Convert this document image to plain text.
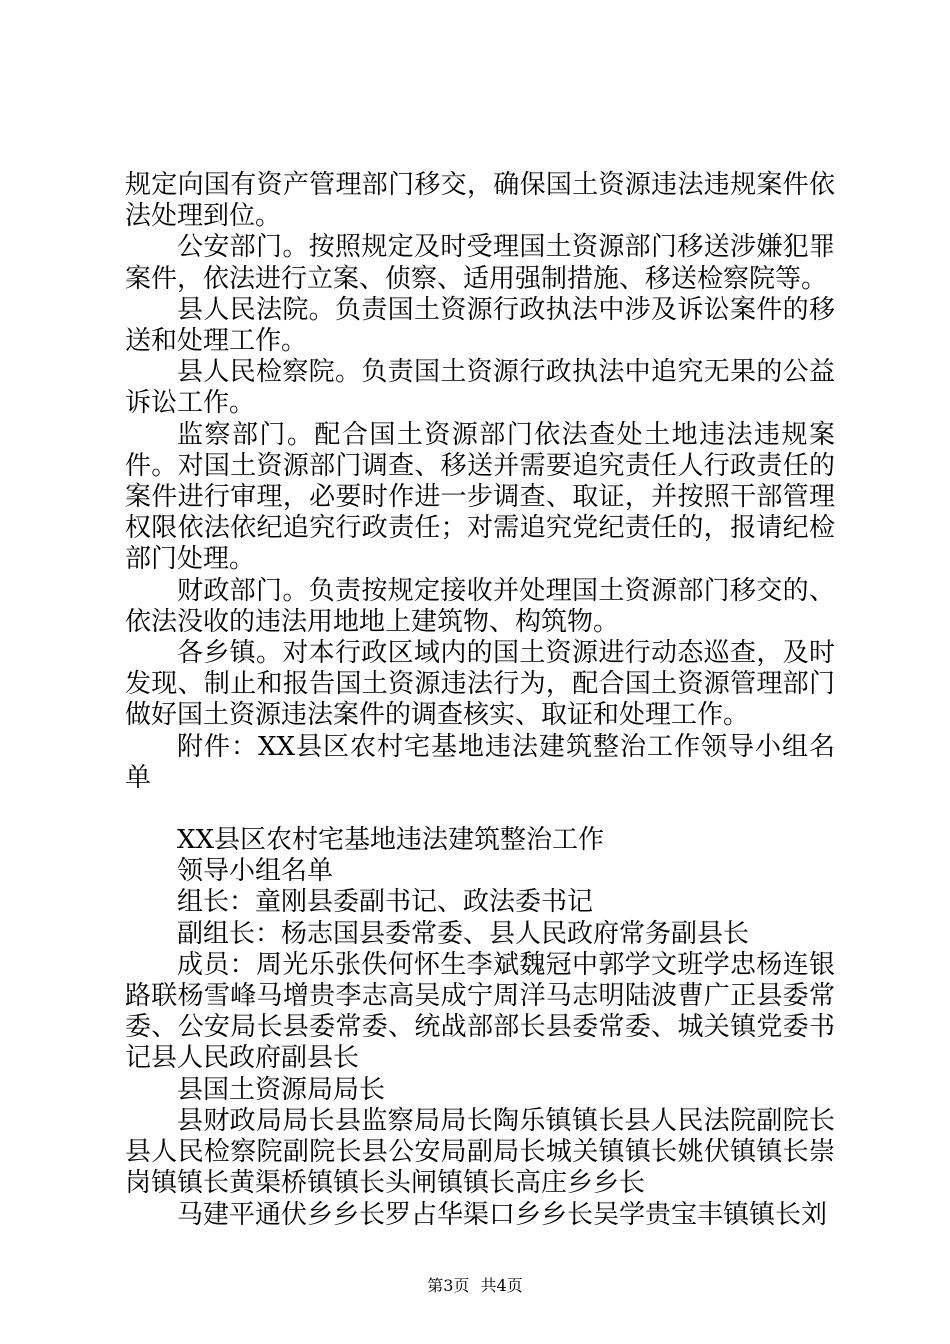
规定向国有资产管理部门移交，确保国土资源违法违规案件依法处理到位。

公安部门。按照规定及时受理国土资源部门移送涉嫌犯罪案件，依法进行立案、侦察、适用强制措施、移送检察院等。

县人民法院。负责国土资源行政执法中涉及诉讼案件的移送和处理工作。

县人民检察院。负责国土资源行政执法中追究无果的公益诉讼工作。

监察部门。配合国土资源部门依法查处土地违法违规案件。对国土资源部门调查、移送并需要追究责任人行政责任的案件进行审理，必要时作进一步调查、取证，并按照干部管理权限依法依纪追究行政责任；对需追究党纪责任的，报请纪检部门处理。

财政部门。负责按规定接收并处理国土资源部门移交的、依法没收的违法用地地上建筑物、构筑物。

各乡镇。对本行政区域内的国土资源进行动态巡查，及时发现、制止和报告国土资源违法行为，配合国土资源管理部门做好国土资源违法案件的调查核实、取证和处理工作。

附件：XX县区农村宅基地违法建筑整治工作领导小组名单

XX县区农村宅基地违法建筑整治工作

领导小组名单

组长：童刚县委副书记、政法委书记

副组长：杨志国县委常委、县人民政府常务副县长

成员：周光乐张佚何怀生李斌魏冠中郭学文班学忠杨连银路联杨雪峰马增贵李志高吴成宁周洋马志明陆波曹广正县委常委、公安局长县委常委、统战部部长县委常委、城关镇党委书记县人民政府副县长

县国土资源局局长

县财政局局长县监察局局长陶乐镇镇长县人民法院副院长县人民检察院副院长县公安局副局长城关镇镇长姚伏镇镇长崇岗镇镇长黄渠桥镇镇长头闸镇镇长高庄乡乡长

马建平通伏乡乡长罗占华渠口乡乡长吴学贵宝丰镇镇长刘

第3页 共4页
